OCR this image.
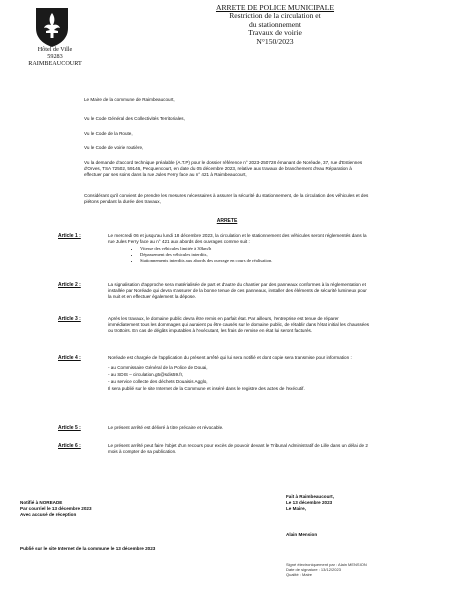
Hôtel de Ville
59283 RAIMBEAUCOURT
ARRETE DE POLICE MUNICIPALE
Restriction de la circulation et
du stationnement
Travaux de voirie
N°150/2023
Le Maire de la commune de Raimbeaucourt,
Vu le Code Général des Collectivités Territoriales,
Vu le Code de la Route,
Vu le Code de voirie routière,
Vu la demande d'accord technique préalable (A.T.P) pour le dossier référence n° 2023-250728 émanant de Noréade, 37, rue d'Estiennes d'Orves, TSA 72502, 59146, Pecquencourt, en date du 05 décembre 2023, relative aux travaux de branchement d'eau Réparation à effectuer par ses soins dans la rue Jules Ferry face au n° 421 à Raimbeaucourt,
Considérant qu'il convient de prendre les mesures nécessaires à assurer la sécurité du stationnement, de la circulation des véhicules et des piétons pendant la durée des travaux,
ARRETE
Article 1 :	Le mercredi 06 et jusqu'au lundi 18 décembre 2023, la circulation et le stationnement des véhicules seront réglementés dans la rue Jules Ferry face au n° 421 aux abords des ouvrages comme suit :

• Vitesse des véhicules limitée à 30km/h
• Dépassement des véhicules interdits,
• Stationnements interdits aux abords des ouvrage en cours de réalisation.
Article 2 :	La signalisation d'approche sera matérialisée de part et d'autre du chantier par des panneaux conformes à la réglementation et installée par Noréade qui devra s'assurer de la bonne tenue de ces panneaux, installer des éléments de sécurité lumineux pour la nuit et en effectuer également la dépose.
Article 3 :	Après les travaux, le domaine public devra être remis en parfait état. Par ailleurs, l'entreprise est tenue de réparer immédiatement tous les dommages qui auraient pu être causés sur le domaine public, de rétablir dans l'état initial les chaussées ou trottoirs. En cas de dégâts imputables à l'exécutant, les frais de remise en état lui seront facturés.
Article 4 :	Noréade est chargée de l'application du présent arrêté qui lui sera notifié et dont copie sera transmise pour information :

- au Commissaire Général de la Police de Douai,

- au SDIS – circulation.g5@sdis59.fr,

- au service collecte des déchets Douaisis Agglo,

Il sera publié sur le site Internet de la Commune et inséré dans le registre des actes de l'exécutif.

Article 5 :	Le présent arrêté est délivré à titre précaire et révocable.
Article 6 :	Le présent arrêté peut faire l'objet d'un recours pour excès de pouvoir devant le Tribunal Administratif de Lille dans un délai de 2 mois à compter de sa publication.
Notifié à NOREADE
Par courriel le 13 décembre 2023
Avec accusé de réception
Fait à Raimbeaucourt,
Le 13 décembre 2023
Le Maire,
Alain Mension
Publié sur le site Internet de la commune le 13 décembre 2023
Signé électroniquement par : Alain MENSION
Date de signature : 13/12/2023
Qualité : Maire
